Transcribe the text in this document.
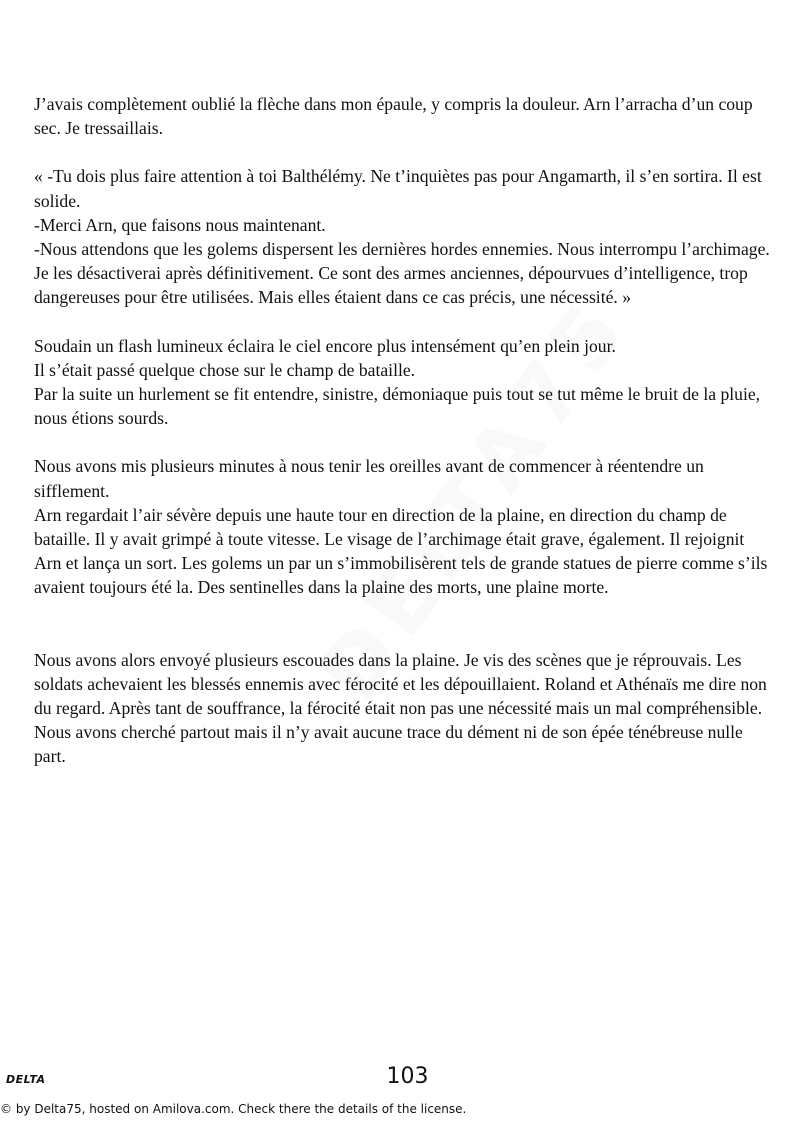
J’avais complètement oublié la flèche dans mon épaule, y compris la douleur. Arn l’arracha d’un coup sec. Je tressaillais.

« -Tu dois plus faire attention à toi Balthélémy. Ne t’inquiètes pas pour Angamarth, il s’en sortira. Il est solide.

-Merci Arn, que faisons nous maintenant.

-Nous attendons que les golems dispersent les dernières hordes ennemies. Nous interrompu l’archimage. Je les désactiverai après définitivement. Ce sont des armes anciennes, dépourvues d’intelligence, trop dangereuses pour être utilisées. Mais elles étaient dans ce cas précis, une nécessité. »

Soudain un flash lumineux éclaira le ciel encore plus intensément qu’en plein jour.

Il s’était passé quelque chose sur le champ de bataille.

Par la suite un hurlement se fit entendre, sinistre, démoniaque puis tout se tut même le bruit de la pluie, nous étions sourds.

Nous avons mis plusieurs minutes à nous tenir les oreilles avant de commencer à réentendre un sifflement.

Arn regardait l’air sévère depuis une haute tour en direction de la plaine, en direction du champ de bataille. Il y avait grimpé à toute vitesse. Le visage de l’archimage était grave, également. Il rejoignit Arn et lança un sort. Les golems un par un s’immobilisèrent tels de grande statues de pierre comme s’ils avaient toujours été la. Des sentinelles dans la plaine des morts, une plaine morte.

Nous avons alors envoyé plusieurs escouades dans la plaine. Je vis des scènes que je réprouvais. Les soldats achevaient les blessés ennemis avec férocité et les dépouillaient. Roland et Athénaïs me dire non du regard. Après tant de souffrance, la férocité était non pas une nécessité mais un mal compréhensible.

Nous avons cherché partout mais il n’y avait aucune trace du dément ni de son épée ténébreuse nulle part.

DELTA	103
© by Delta75, hosted on Amilova.com. Check there the details of the license.
